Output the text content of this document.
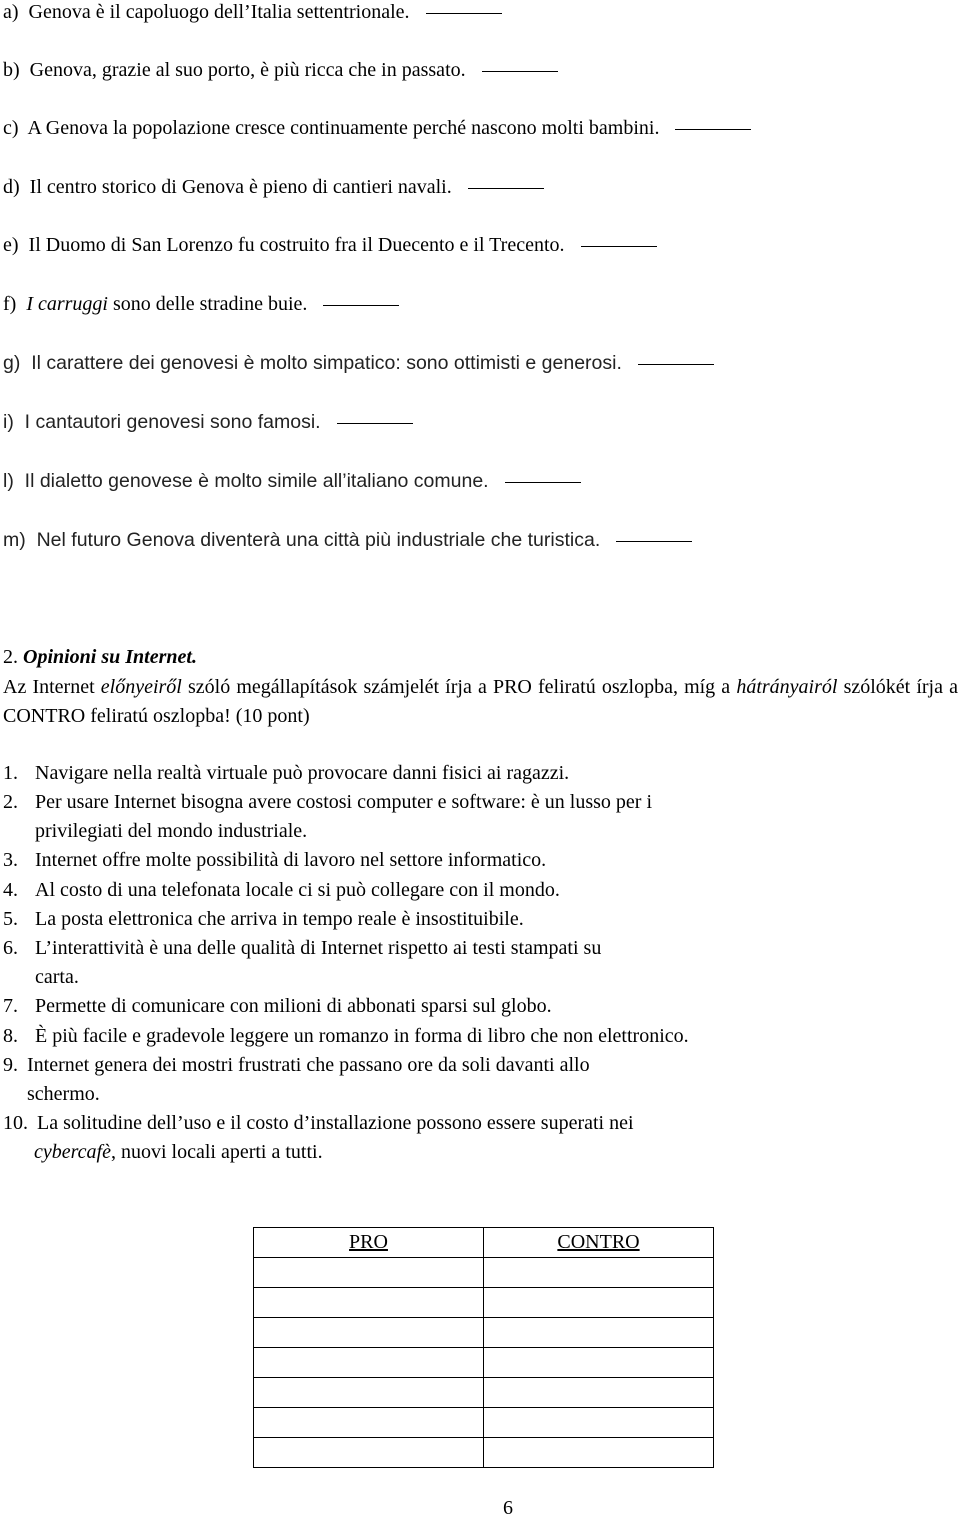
a) Genova è il capoluogo dell’Italia settentrionale.
b) Genova, grazie al suo porto, è più ricca che in passato.
c) A Genova la popolazione cresce continuamente perché nascono molti bambini.
d) Il centro storico di Genova è pieno di cantieri navali.
e) Il Duomo di San Lorenzo fu costruito fra il Duecento e il Trecento.
f) I carruggi sono delle stradine buie.
g) Il carattere dei genovesi è molto simpatico: sono ottimisti e generosi.
i) I cantautori genovesi sono famosi.
l) Il dialetto genovese è molto simile all’italiano comune.
m) Nel futuro Genova diventerà una città più industriale che turistica.
2. Opinioni su Internet.
Az Internet előnyeiről szóló megállapítások számjelét írja a PRO feliratú oszlopba, míg a hátrányairól szólókét írja a CONTRO feliratú oszlopba! (10 pont)
1. Navigare nella realtà virtuale può provocare danni fisici ai ragazzi.
2. Per usare Internet bisogna avere costosi computer e software: è un lusso per i
privilegiati del mondo industriale.
3. Internet offre molte possibilità di lavoro nel settore informatico.
4. Al costo di una telefonata locale ci si può collegare con il mondo.
5. La posta elettronica che arriva in tempo reale è insostituibile.
6. L’interattività è una delle qualità di Internet rispetto ai testi stampati su
carta.
7. Permette di comunicare con milioni di abbonati sparsi sul globo.
8. È più facile e gradevole leggere un romanzo in forma di libro che non elettronico.
9. Internet genera dei mostri frustrati che passano ore da soli davanti allo
schermo.
10. La solitudine dell’uso e il costo d’installazione possono essere superati nei
cybercafè, nuovi locali aperti a tutti.
PRO	CONTRO

6
